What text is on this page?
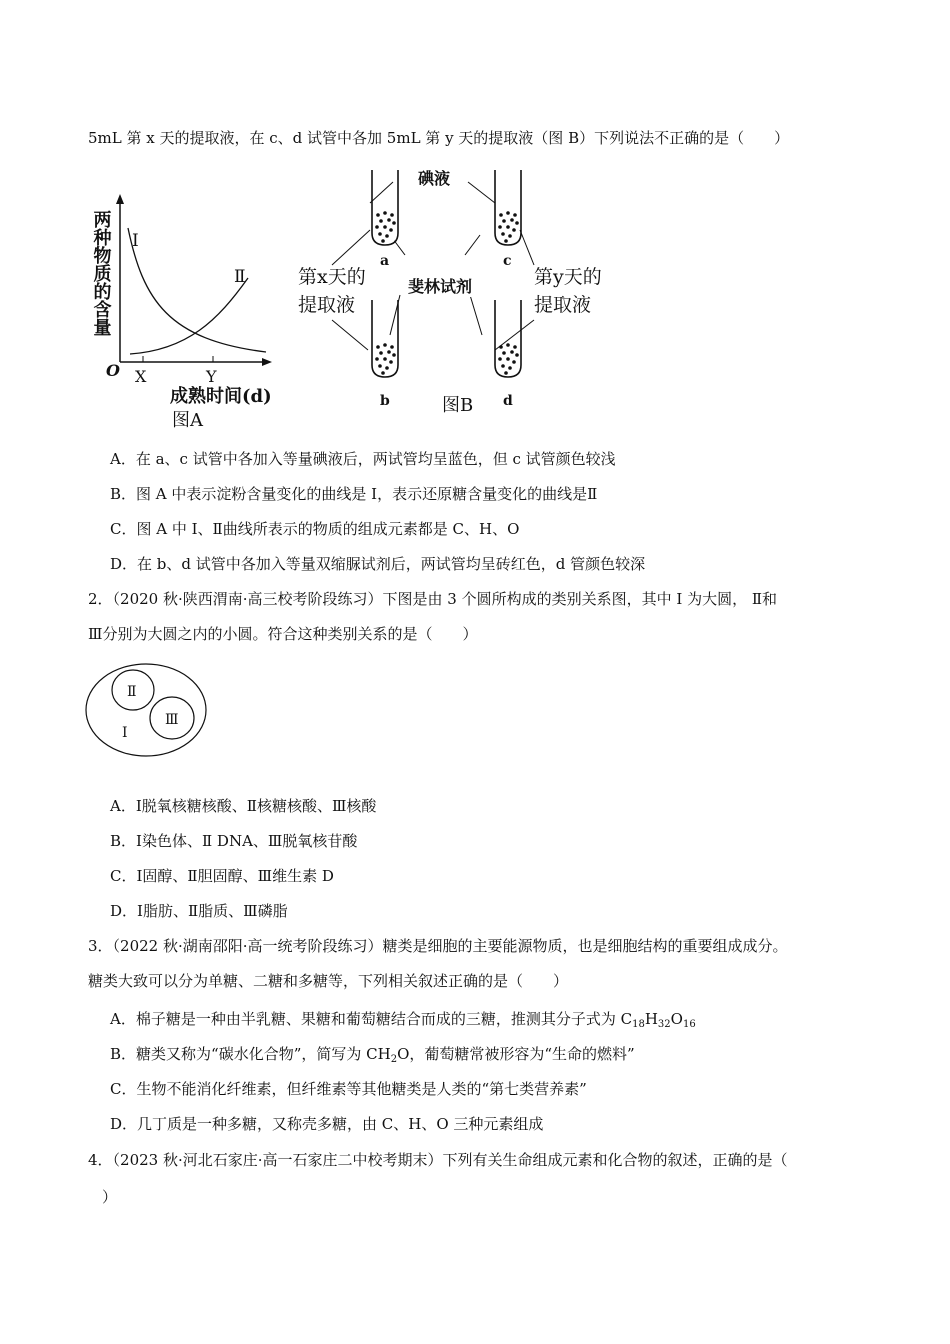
5mL 第 x 天的提取液，在 c、d 试管中各加 5mL 第 y 天的提取液（图 B）下列说法不正确的是（　　）
两种物质的含量 I
Ⅱ
O X	Y
成熟时间(d)
图A
碘液
a	c
第x天的
提取液
斐林试剂	第y天的
提取液
b	图B d
A．在 a、c 试管中各加入等量碘液后，两试管均呈蓝色，但 c 试管颜色较浅
B．图 A 中表示淀粉含量变化的曲线是 I，表示还原糖含量变化的曲线是Ⅱ
C．图 A 中 I、Ⅱ曲线所表示的物质的组成元素都是 C、H、O
D．在 b、d 试管中各加入等量双缩脲试剂后，两试管均呈砖红色，d 管颜色较深
2．（2020 秋·陕西渭南·高三校考阶段练习）下图是由 3 个圆所构成的类别关系图，其中 I 为大圆， Ⅱ和
Ⅲ分别为大圆之内的小圆。符合这种类别关系的是（　　）
Ⅱ
Ⅲ
I
A．Ⅰ脱氧核糖核酸、Ⅱ核糖核酸、Ⅲ核酸
B．Ⅰ染色体、Ⅱ DNA、Ⅲ脱氧核苷酸
C．Ⅰ固醇、Ⅱ胆固醇、Ⅲ维生素 D
D．Ⅰ脂肪、Ⅱ脂质、Ⅲ磷脂
3．（2022 秋·湖南邵阳·高一统考阶段练习）糖类是细胞的主要能源物质，也是细胞结构的重要组成成分。
糖类大致可以分为单糖、二糖和多糖等，下列相关叙述正确的是（　　）
A．棉子糖是一种由半乳糖、果糖和葡萄糖结合而成的三糖，推测其分子式为 $C_{18}H_{32}O_{16}$
B．糖类又称为“碳水化合物”，简写为 $CH_2O$，葡萄糖常被形容为“生命的燃料”
C．生物不能消化纤维素，但纤维素等其他糖类是人类的“第七类营养素”
D．几丁质是一种多糖，又称壳多糖，由 C、H、O 三种元素组成
4．（2023 秋·河北石家庄·高一石家庄二中校考期末）下列有关生命组成元素和化合物的叙述，正确的是（
）
